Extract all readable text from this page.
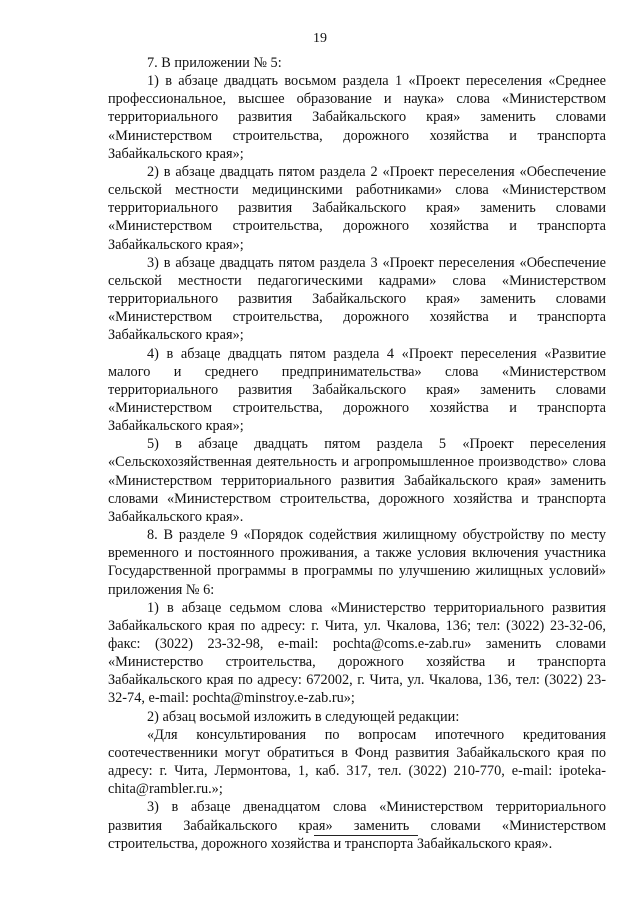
19

7. В приложении № 5:

1) в абзаце двадцать восьмом раздела 1 «Проект переселения «Среднее профессиональное, высшее образование и наука» слова «Министерством территориального развития Забайкальского края» заменить словами «Министерством строительства, дорожного хозяйства и транспорта Забайкальского края»;

2) в абзаце двадцать пятом раздела 2 «Проект переселения «Обеспечение сельской местности медицинскими работниками» слова «Министерством территориального развития Забайкальского края» заменить словами «Министерством строительства, дорожного хозяйства и транспорта Забайкальского края»;

3) в абзаце двадцать пятом раздела 3 «Проект переселения «Обеспечение сельской местности педагогическими кадрами» слова «Министерством территориального развития Забайкальского края» заменить словами «Министерством строительства, дорожного хозяйства и транспорта Забайкальского края»;

4) в абзаце двадцать пятом раздела 4 «Проект переселения «Развитие малого и среднего предпринимательства» слова «Министерством территориального развития Забайкальского края» заменить словами «Министерством строительства, дорожного хозяйства и транспорта Забайкальского края»;

5) в абзаце двадцать пятом раздела 5 «Проект переселения «Сельскохозяйственная деятельность и агропромышленное производство» слова «Министерством территориального развития Забайкальского края» заменить словами «Министерством строительства, дорожного хозяйства и транспорта Забайкальского края».

8. В разделе 9 «Порядок содействия жилищному обустройству по месту временного и постоянного проживания, а также условия включения участника Государственной программы в программы по улучшению жилищных условий» приложения № 6:

1) в абзаце седьмом слова «Министерство территориального развития Забайкальского края по адресу: г. Чита, ул. Чкалова, 136; тел: (3022) 23-32-06, факс: (3022) 23-32-98, e-mail: pochta@coms.e-zab.ru» заменить словами «Министерство строительства, дорожного хозяйства и транспорта Забайкальского края по адресу: 672002, г. Чита, ул. Чкалова, 136, тел: (3022) 23-32-74, e-mail: pochta@minstroy.e-zab.ru»;

2) абзац восьмой изложить в следующей редакции:

«Для консультирования по вопросам ипотечного кредитования соотечественники могут обратиться в Фонд развития Забайкальского края по адресу: г. Чита, Лермонтова, 1, каб. 317, тел. (3022) 210-770, e-mail: ipoteka-chita@rambler.ru.»;

3) в абзаце двенадцатом слова «Министерством территориального развития Забайкальского края» заменить словами «Министерством строительства, дорожного хозяйства и транспорта Забайкальского края».
